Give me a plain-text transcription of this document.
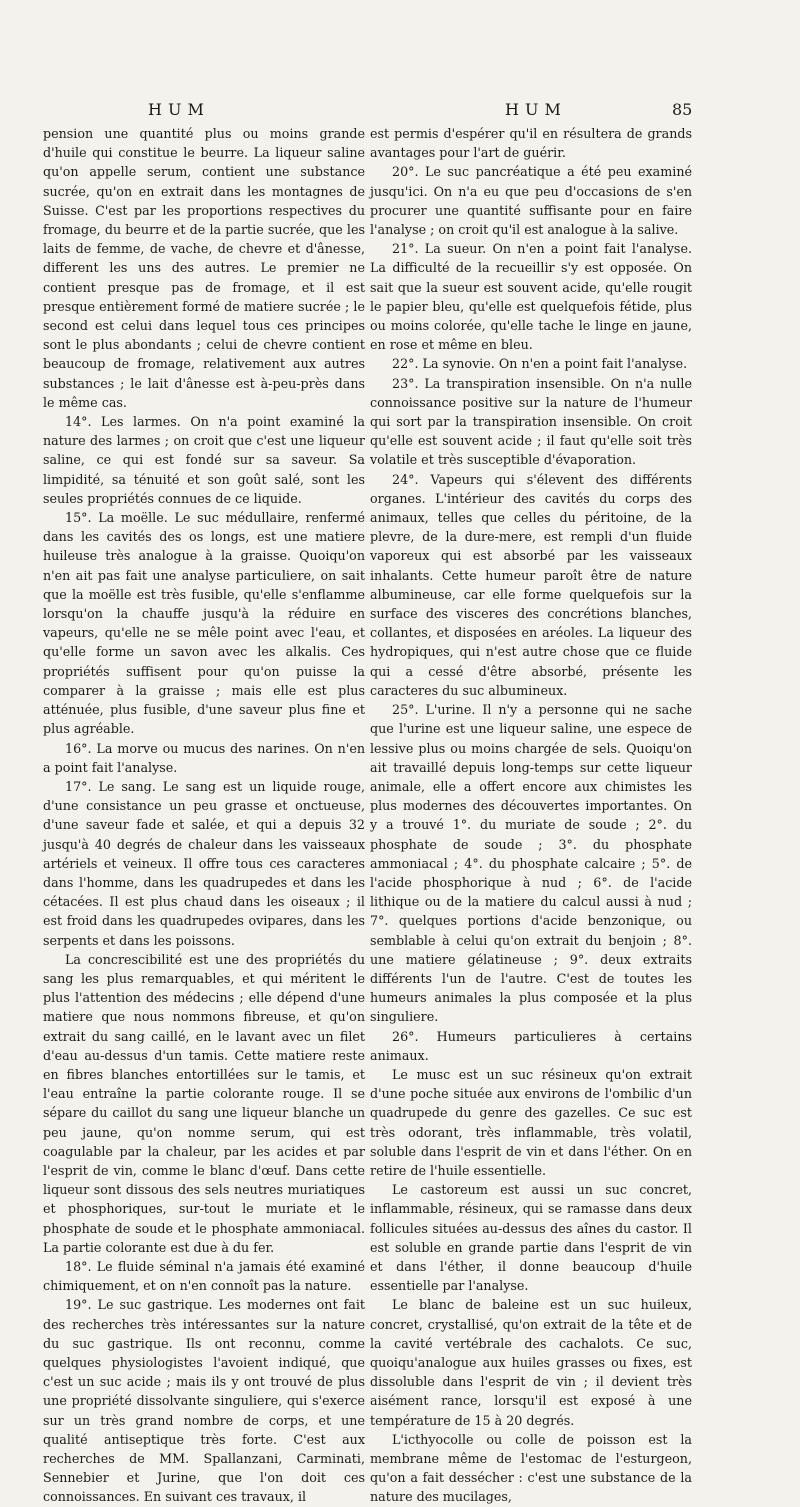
HUM	HUM	85

pension une quantité plus ou moins grande d'huile qui constitue le beurre. La liqueur saline qu'on appelle serum, contient une substance sucrée, qu'on en extrait dans les montagnes de Suisse. C'est par les proportions respectives du fromage, du beurre et de la partie sucrée, que les laits de femme, de vache, de chevre et d'ânesse, different les uns des autres. Le premier ne contient presque pas de fromage, et il est presque entièrement formé de matiere sucrée ; le second est celui dans lequel tous ces principes sont le plus abondants ; celui de chevre contient beaucoup de fromage, relativement aux autres substances ; le lait d'ânesse est à-peu-près dans le même cas.

14°. Les larmes. On n'a point examiné la nature des larmes ; on croit que c'est une liqueur saline, ce qui est fondé sur sa saveur. Sa limpidité, sa ténuité et son goût salé, sont les seules propriétés connues de ce liquide.

15°. La moëlle. Le suc médullaire, renfermé dans les cavités des os longs, est une matiere huileuse très analogue à la graisse. Quoiqu'on n'en ait pas fait une analyse particuliere, on sait que la moëlle est très fusible, qu'elle s'enflamme lorsqu'on la chauffe jusqu'à la réduire en vapeurs, qu'elle ne se mêle point avec l'eau, et qu'elle forme un savon avec les alkalis. Ces propriétés suffisent pour qu'on puisse la comparer à la graisse ; mais elle est plus atténuée, plus fusible, d'une saveur plus fine et plus agréable.

16°. La morve ou mucus des narines. On n'en a point fait l'analyse.

17°. Le sang. Le sang est un liquide rouge, d'une consistance un peu grasse et onctueuse, d'une saveur fade et salée, et qui a depuis 32 jusqu'à 40 degrés de chaleur dans les vaisseaux artériels et veineux. Il offre tous ces caracteres dans l'homme, dans les quadrupedes et dans les cétacées. Il est plus chaud dans les oiseaux ; il est froid dans les quadrupedes ovipares, dans les serpents et dans les poissons.

La concrescibilité est une des propriétés du sang les plus remarquables, et qui méritent le plus l'attention des médecins ; elle dépend d'une matiere que nous nommons fibreuse, et qu'on extrait du sang caillé, en le lavant avec un filet d'eau au-dessus d'un tamis. Cette matiere reste en fibres blanches entortillées sur le tamis, et l'eau entraîne la partie colorante rouge. Il se sépare du caillot du sang une liqueur blanche un peu jaune, qu'on nomme serum, qui est coagulable par la chaleur, par les acides et par l'esprit de vin, comme le blanc d'œuf. Dans cette liqueur sont dissous des sels neutres muriatiques et phosphoriques, sur-tout le muriate et le phosphate de soude et le phosphate ammoniacal. La partie colorante est due à du fer.

18°. Le fluide séminal n'a jamais été examiné chimiquement, et on n'en connoît pas la nature.

19°. Le suc gastrique. Les modernes ont fait des recherches très intéressantes sur la nature du suc gastrique. Ils ont reconnu, comme quelques physiologistes l'avoient indiqué, que c'est un suc acide ; mais ils y ont trouvé de plus une propriété dissolvante singuliere, qui s'exerce sur un très grand nombre de corps, et une qualité antiseptique très forte. C'est aux recherches de MM. Spallanzani, Carminati, Sennebier et Jurine, que l'on doit ces connoissances. En suivant ces travaux, il

est permis d'espérer qu'il en résultera de grands avantages pour l'art de guérir.

20°. Le suc pancréatique a été peu examiné jusqu'ici. On n'a eu que peu d'occasions de s'en procurer une quantité suffisante pour en faire l'analyse ; on croit qu'il est analogue à la salive.

21°. La sueur. On n'en a point fait l'analyse. La difficulté de la recueillir s'y est opposée. On sait que la sueur est souvent acide, qu'elle rougit le papier bleu, qu'elle est quelquefois fétide, plus ou moins colorée, qu'elle tache le linge en jaune, en rose et même en bleu.

22°. La synovie. On n'en a point fait l'analyse.

23°. La transpiration insensible. On n'a nulle connoissance positive sur la nature de l'humeur qui sort par la transpiration insensible. On croit qu'elle est souvent acide ; il faut qu'elle soit très volatile et très susceptible d'évaporation.

24°. Vapeurs qui s'élevent des différents organes. L'intérieur des cavités du corps des animaux, telles que celles du péritoine, de la plevre, de la dure-mere, est rempli d'un fluide vaporeux qui est absorbé par les vaisseaux inhalants. Cette humeur paroît être de nature albumineuse, car elle forme quelquefois sur la surface des visceres des concrétions blanches, collantes, et disposées en aréoles. La liqueur des hydropiques, qui n'est autre chose que ce fluide qui a cessé d'être absorbé, présente les caracteres du suc albumineux.

25°. L'urine. Il n'y a personne qui ne sache que l'urine est une liqueur saline, une espece de lessive plus ou moins chargée de sels. Quoiqu'on ait travaillé depuis long-temps sur cette liqueur animale, elle a offert encore aux chimistes les plus modernes des découvertes importantes. On y a trouvé 1°. du muriate de soude ; 2°. du phosphate de soude ; 3°. du phosphate ammoniacal ; 4°. du phosphate calcaire ; 5°. de l'acide phosphorique à nud ; 6°. de l'acide lithique ou de la matiere du calcul aussi à nud ; 7°. quelques portions d'acide benzonique, ou semblable à celui qu'on extrait du benjoin ; 8°. une matiere gélatineuse ; 9°. deux extraits différents l'un de l'autre. C'est de toutes les humeurs animales la plus composée et la plus singuliere.

26°. Humeurs particulieres à certains animaux.

Le musc est un suc résineux qu'on extrait d'une poche située aux environs de l'ombilic d'un quadrupede du genre des gazelles. Ce suc est très odorant, très inflammable, très volatil, soluble dans l'esprit de vin et dans l'éther. On en retire de l'huile essentielle.

Le castoreum est aussi un suc concret, inflammable, résineux, qui se ramasse dans deux follicules situées au-dessus des aînes du castor. Il est soluble en grande partie dans l'esprit de vin et dans l'éther, il donne beaucoup d'huile essentielle par l'analyse.

Le blanc de baleine est un suc huileux, concret, crystallisé, qu'on extrait de la tête et de la cavité vertébrale des cachalots. Ce suc, quoiqu'analogue aux huiles grasses ou fixes, est dissoluble dans l'esprit de vin ; il devient très aisément rance, lorsqu'il est exposé à une température de 15 à 20 degrés.

L'icthyocolle ou colle de poisson est la membrane même de l'estomac de l'esturgeon, qu'on a fait dessécher : c'est une substance de la nature des mucilages,
